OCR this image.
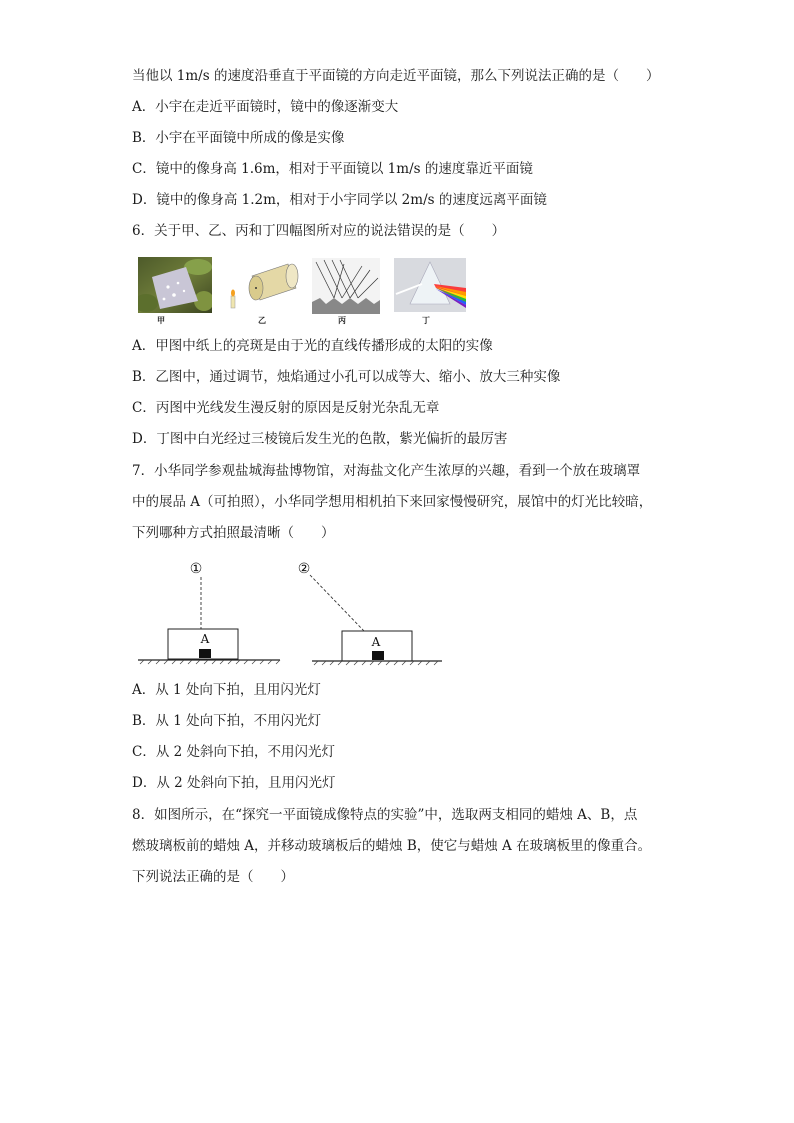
当他以 1m/s 的速度沿垂直于平面镜的方向走近平面镜，那么下列说法正确的是（　　）
A．小宇在走近平面镜时，镜中的像逐渐变大
B．小宇在平面镜中所成的像是实像
C．镜中的像身高 1.6m，相对于平面镜以 1m/s 的速度靠近平面镜
D．镜中的像身高 1.2m，相对于小宇同学以 2m/s 的速度远离平面镜
6．关于甲、乙、丙和丁四幅图所对应的说法错误的是（　　）
甲	乙	丙	丁
A．甲图中纸上的亮斑是由于光的直线传播形成的太阳的实像
B．乙图中，通过调节，烛焰通过小孔可以成等大、缩小、放大三种实像
C．丙图中光线发生漫反射的原因是反射光杂乱无章
D．丁图中白光经过三棱镜后发生光的色散，紫光偏折的最厉害
7．小华同学参观盐城海盐博物馆，对海盐文化产生浓厚的兴趣，看到一个放在玻璃罩
中的展品 A（可拍照），小华同学想用相机拍下来回家慢慢研究，展馆中的灯光比较暗，
下列哪种方式拍照最清晰（　　）
①
A
②
A
A．从 1 处向下拍，且用闪光灯
B．从 1 处向下拍，不用闪光灯
C．从 2 处斜向下拍，不用闪光灯
D．从 2 处斜向下拍，且用闪光灯
8．如图所示，在“探究一平面镜成像特点的实验”中，选取两支相同的蜡烛 A、B，点
燃玻璃板前的蜡烛 A，并移动玻璃板后的蜡烛 B，使它与蜡烛 A 在玻璃板里的像重合。
下列说法正确的是（　　）
